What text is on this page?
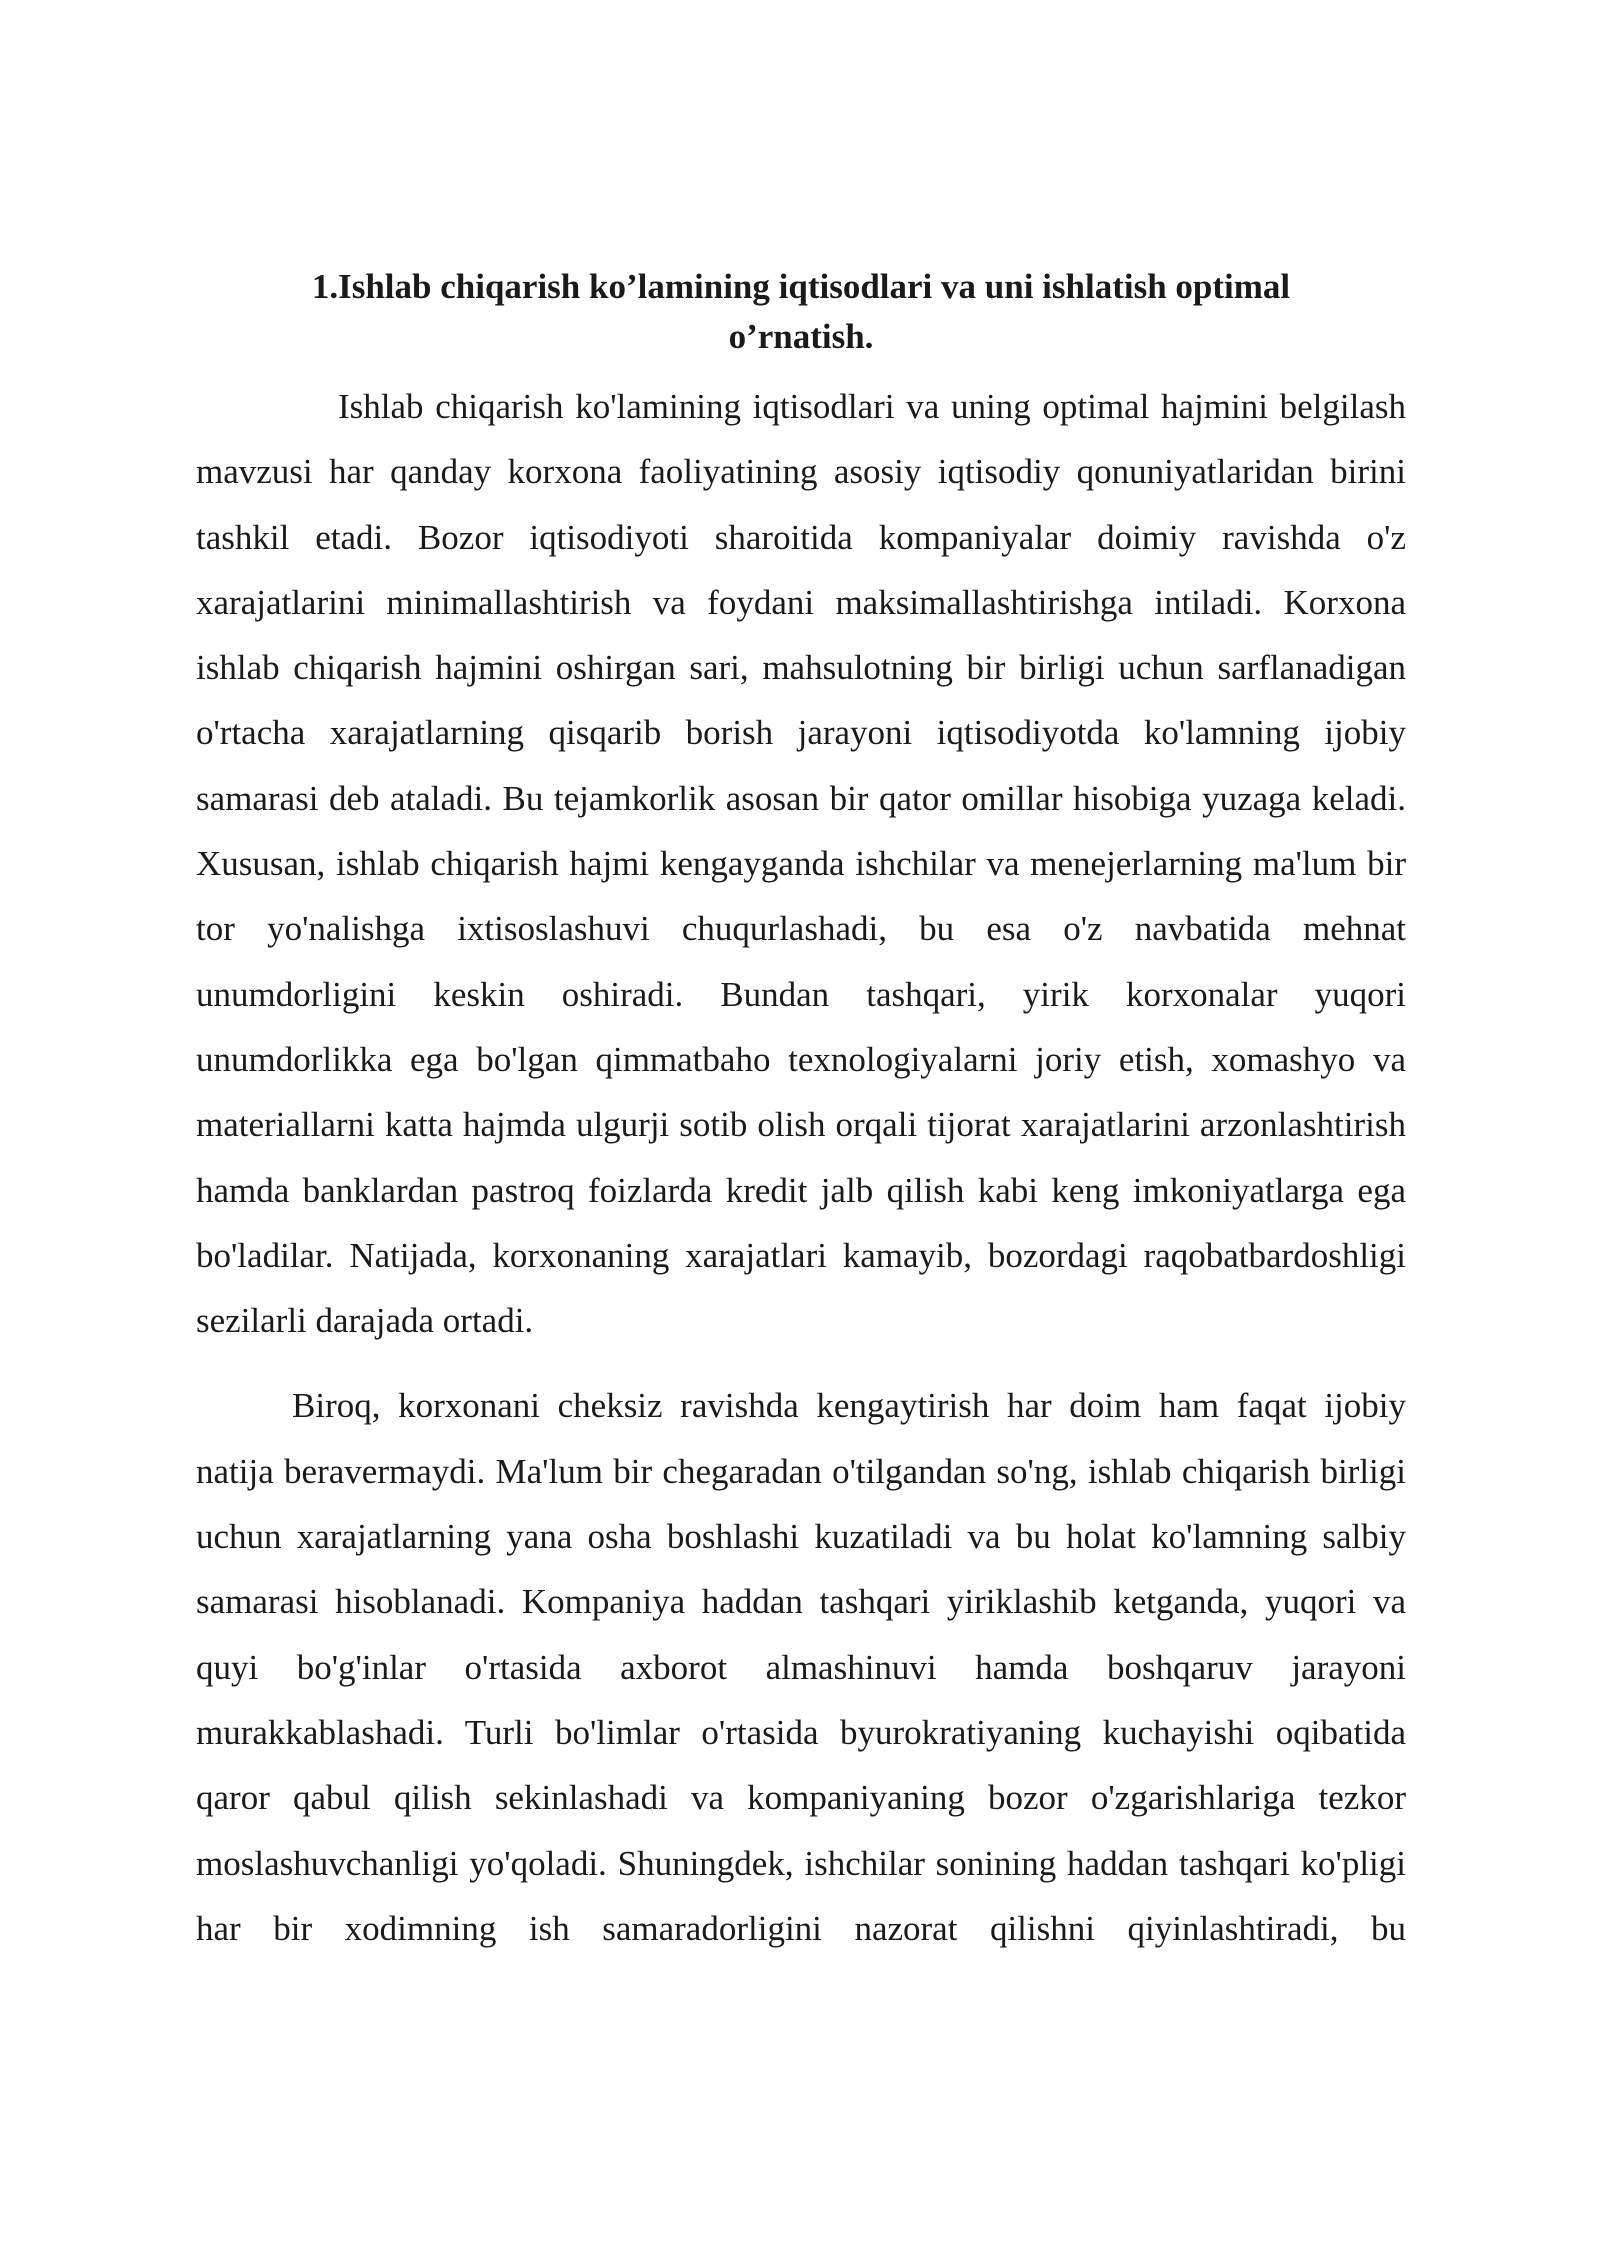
1.Ishlab chiqarish ko’lamining iqtisodlari va uni ishlatish optimal o’rnatish.

Ishlab chiqarish ko'lamining iqtisodlari va uning optimal hajmini belgilash mavzusi har qanday korxona faoliyatining asosiy iqtisodiy qonuniyatlaridan birini tashkil etadi. Bozor iqtisodiyoti sharoitida kompaniyalar doimiy ravishda o'z xarajatlarini minimallashtirish va foydani maksimallashtirishga intiladi. Korxona ishlab chiqarish hajmini oshirgan sari, mahsulotning bir birligi uchun sarflanadigan o'rtacha xarajatlarning qisqarib borish jarayoni iqtisodiyotda ko'lamning ijobiy samarasi deb ataladi. Bu tejamkorlik asosan bir qator omillar hisobiga yuzaga keladi. Xususan, ishlab chiqarish hajmi kengayganda ishchilar va menejerlarning ma'lum bir tor yo'nalishga ixtisoslashuvi chuqurlashadi, bu esa o'z navbatida mehnat unumdorligini keskin oshiradi. Bundan tashqari, yirik korxonalar yuqori unumdorlikka ega bo'lgan qimmatbaho texnologiyalarni joriy etish, xomashyo va materiallarni katta hajmda ulgurji sotib olish orqali tijorat xarajatlarini arzonlashtirish hamda banklardan pastroq foizlarda kredit jalb qilish kabi keng imkoniyatlarga ega bo'ladilar. Natijada, korxonaning xarajatlari kamayib, bozordagi raqobatbardoshligi sezilarli darajada ortadi.

Biroq, korxonani cheksiz ravishda kengaytirish har doim ham faqat ijobiy natija beravermaydi. Ma'lum bir chegaradan o'tilgandan so'ng, ishlab chiqarish birligi uchun xarajatlarning yana osha boshlashi kuzatiladi va bu holat ko'lamning salbiy samarasi hisoblanadi. Kompaniya haddan tashqari yiriklashib ketganda, yuqori va quyi bo'g'inlar o'rtasida axborot almashinuvi hamda boshqaruv jarayoni murakkablashadi. Turli bo'limlar o'rtasida byurokratiyaning kuchayishi oqibatida qaror qabul qilish sekinlashadi va kompaniyaning bozor o'zgarishlariga tezkor moslashuvchanligi yo'qoladi. Shuningdek, ishchilar sonining haddan tashqari ko'pligi har bir xodimning ish samaradorligini nazorat qilishni qiyinlashtiradi, bu
